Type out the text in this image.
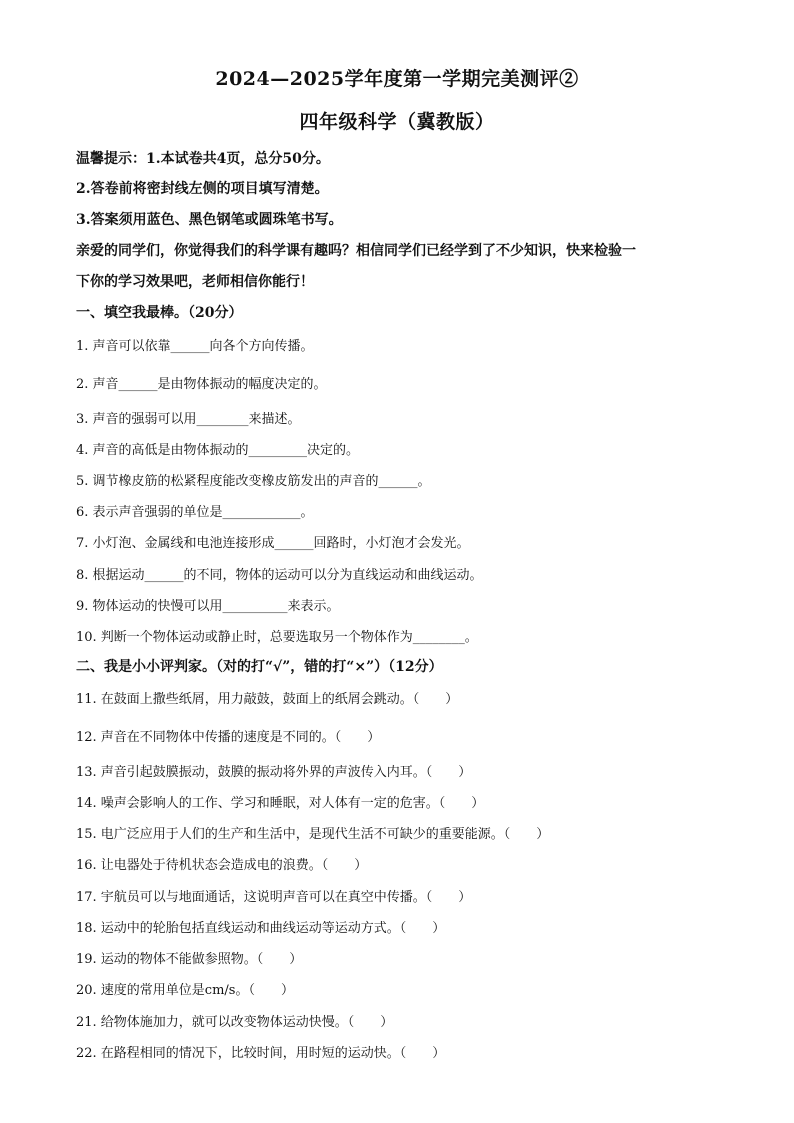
2024—2025学年度第一学期完美测评②
四年级科学（冀教版）
温馨提示：1.本试卷共4页，总分50分。
2.答卷前将密封线左侧的项目填写清楚。
3.答案须用蓝色、黑色钢笔或圆珠笔书写。
亲爱的同学们，你觉得我们的科学课有趣吗？相信同学们已经学到了不少知识，快来检验一
下你的学习效果吧，老师相信你能行！
一、填空我最棒。（20分）
1. 声音可以依靠______向各个方向传播。
2. 声音______是由物体振动的幅度决定的。
3. 声音的强弱可以用________来描述。
4. 声音的高低是由物体振动的_________决定的。
5. 调节橡皮筋的松紧程度能改变橡皮筋发出的声音的______。
6. 表示声音强弱的单位是____________。
7. 小灯泡、金属线和电池连接形成______回路时，小灯泡才会发光。
8. 根据运动______的不同，物体的运动可以分为直线运动和曲线运动。
9. 物体运动的快慢可以用__________来表示。
10. 判断一个物体运动或静止时，总要选取另一个物体作为________。
二、我是小小评判家。（对的打“√”，错的打“×”）（12分）
11. 在鼓面上撒些纸屑，用力敲鼓，鼓面上的纸屑会跳动。（　　）
12. 声音在不同物体中传播的速度是不同的。（　　）
13. 声音引起鼓膜振动，鼓膜的振动将外界的声波传入内耳。（　　）
14. 噪声会影响人的工作、学习和睡眠，对人体有一定的危害。（　　）
15. 电广泛应用于人们的生产和生活中，是现代生活不可缺少的重要能源。（　　）
16. 让电器处于待机状态会造成电的浪费。（　　）
17. 宇航员可以与地面通话，这说明声音可以在真空中传播。（　　）
18. 运动中的轮胎包括直线运动和曲线运动等运动方式。（　　）
19. 运动的物体不能做参照物。（　　）
20. 速度的常用单位是cm/s。（　　）
21. 给物体施加力，就可以改变物体运动快慢。（　　）
22. 在路程相同的情况下，比较时间，用时短的运动快。（　　）
